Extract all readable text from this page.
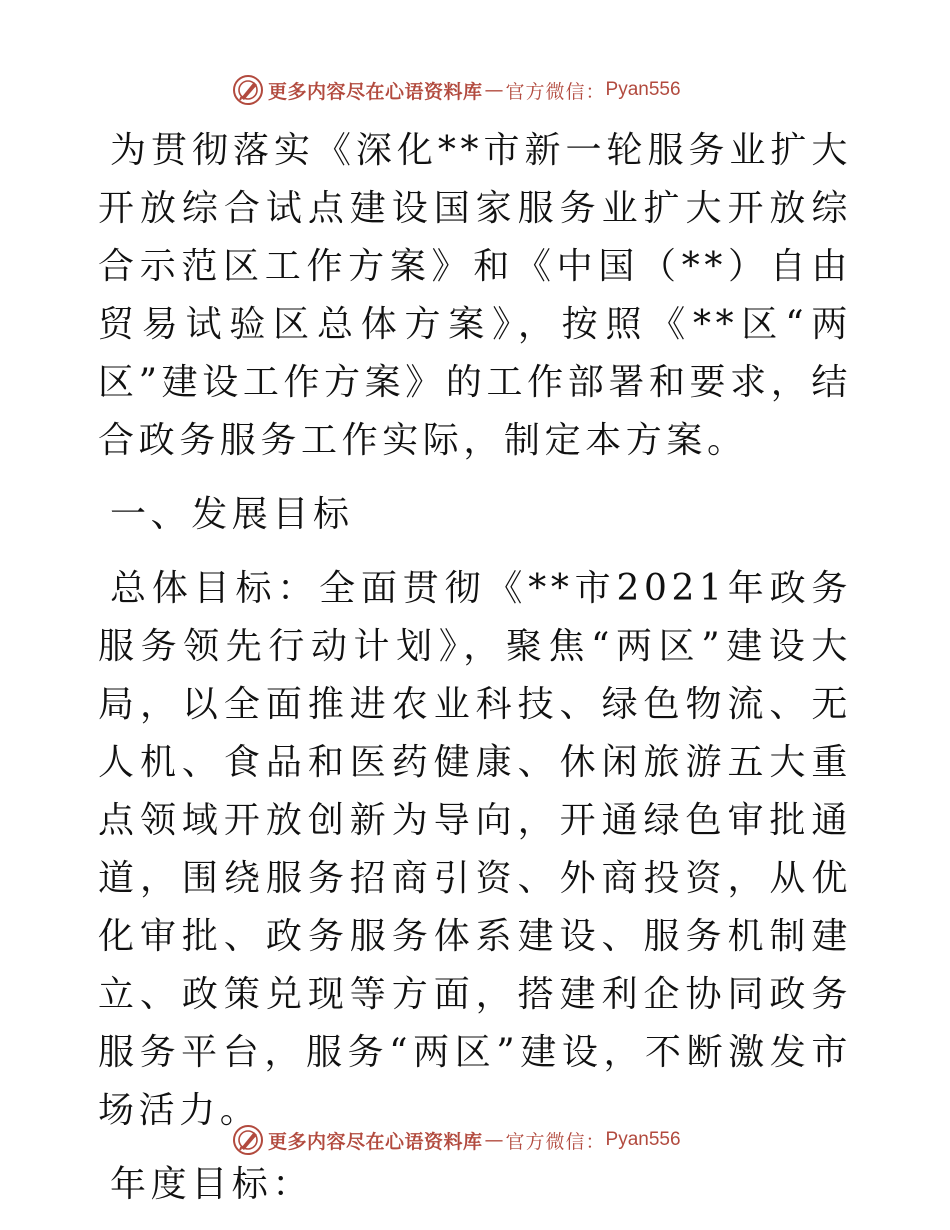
更多内容尽在心语资料库 — 官方微信： Pyan556

为贯彻落实《深化**市新一轮服务业扩大开放综合试点建设国家服务业扩大开放综合示范区工作方案》和《中国（**）自由贸易试验区总体方案》，按照《**区“两区”建设工作方案》的工作部署和要求，结合政务服务工作实际，制定本方案。

一、发展目标

总体目标：全面贯彻《**市2021年政务服务领先行动计划》，聚焦“两区”建设大局，以全面推进农业科技、绿色物流、无人机、食品和医药健康、休闲旅游五大重点领域开放创新为导向，开通绿色审批通道，围绕服务招商引资、外商投资，从优化审批、政务服务体系建设、服务机制建立、政策兑现等方面，搭建利企协同政务服务平台，服务“两区”建设，不断激发市场活力。

年度目标：

更多内容尽在心语资料库 — 官方微信： Pyan556
